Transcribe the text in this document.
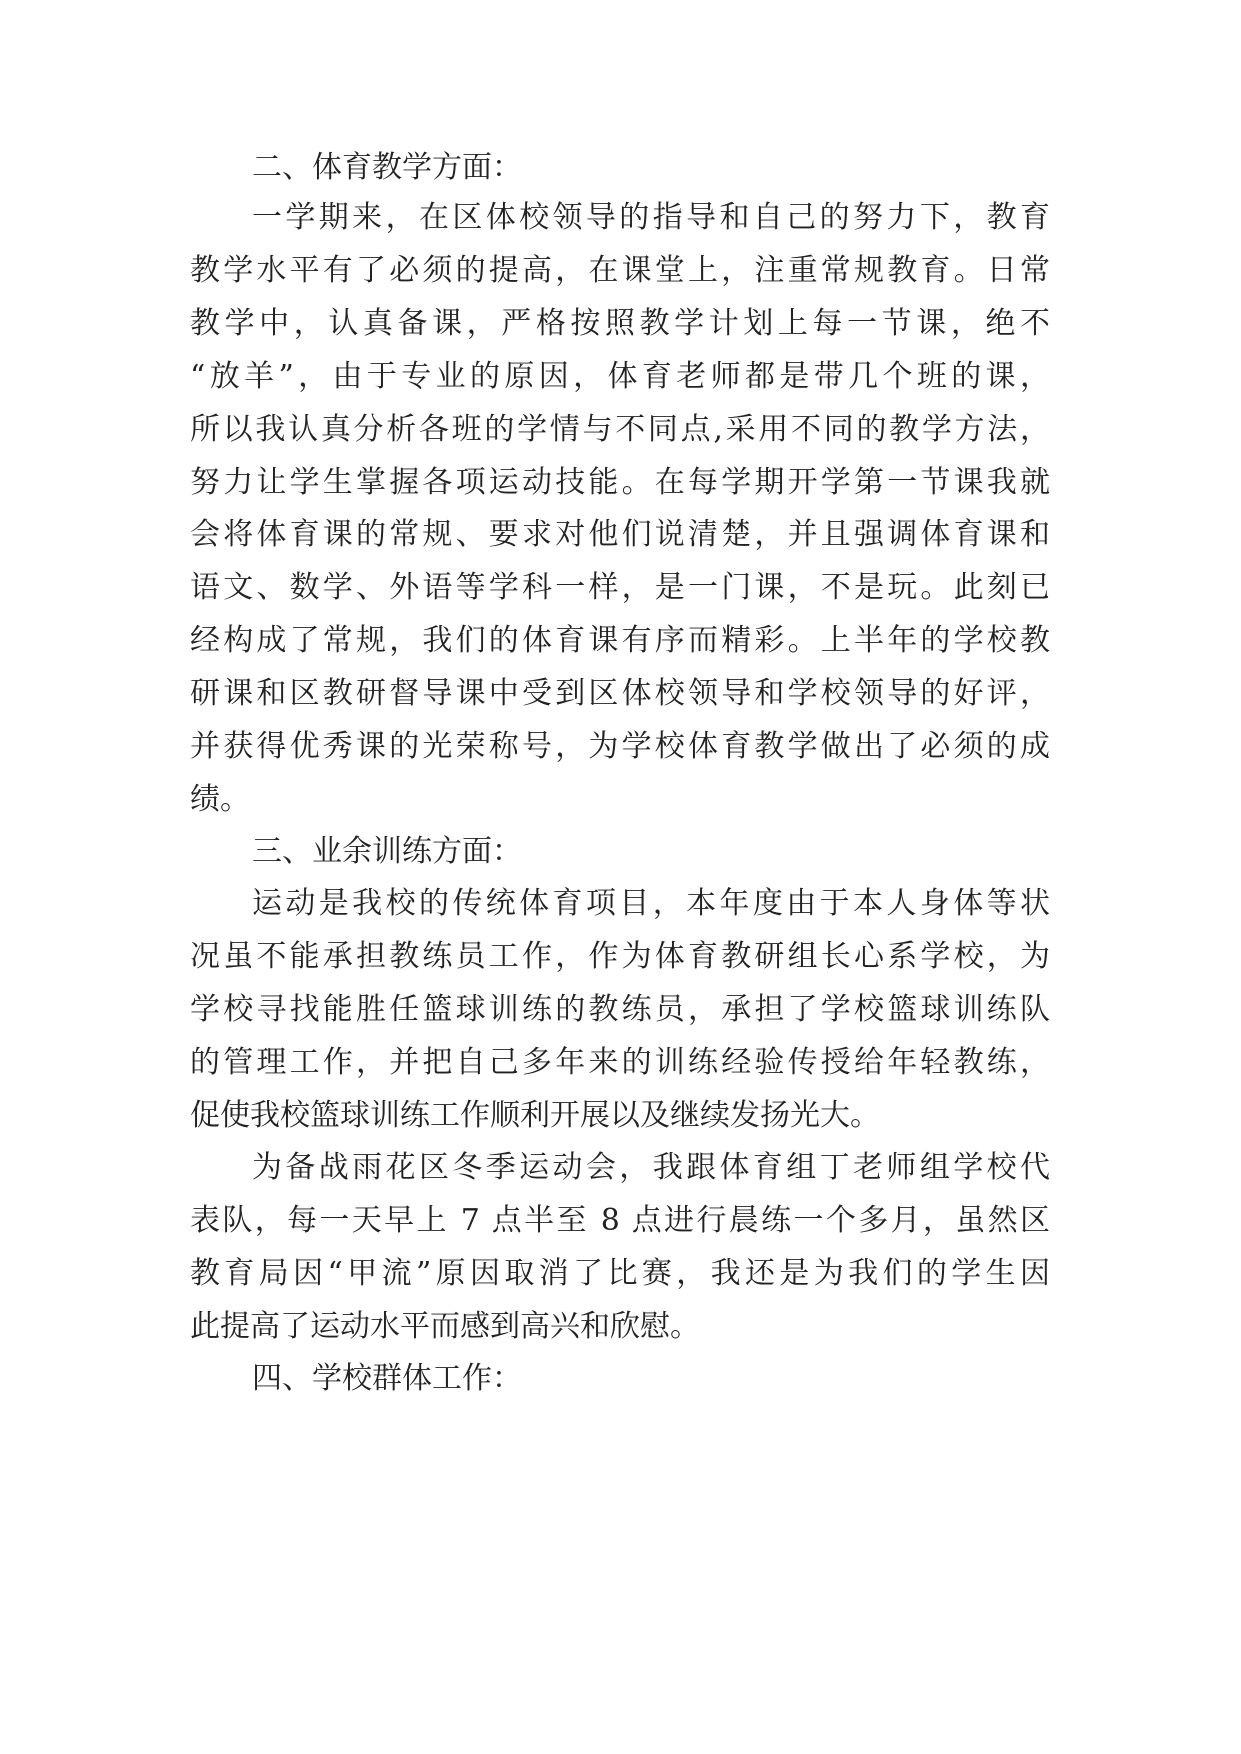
二、体育教学方面：
一学期来，在区体校领导的指导和自己的努力下，教育
教学水平有了必须的提高，在课堂上，注重常规教育。日常
教学中，认真备课，严格按照教学计划上每一节课，绝不
“放羊”，由于专业的原因，体育老师都是带几个班的课，
所以我认真分析各班的学情与不同点,采用不同的教学方法，
努力让学生掌握各项运动技能。在每学期开学第一节课我就
会将体育课的常规、要求对他们说清楚，并且强调体育课和
语文、数学、外语等学科一样，是一门课，不是玩。此刻已
经构成了常规，我们的体育课有序而精彩。上半年的学校教
研课和区教研督导课中受到区体校领导和学校领导的好评，
并获得优秀课的光荣称号，为学校体育教学做出了必须的成
绩。
三、业余训练方面：
运动是我校的传统体育项目，本年度由于本人身体等状
况虽不能承担教练员工作，作为体育教研组长心系学校，为
学校寻找能胜任篮球训练的教练员，承担了学校篮球训练队
的管理工作，并把自己多年来的训练经验传授给年轻教练，
促使我校篮球训练工作顺利开展以及继续发扬光大。
为备战雨花区冬季运动会，我跟体育组丁老师组学校代
表队，每一天早上 7 点半至 8 点进行晨练一个多月，虽然区
教育局因“甲流”原因取消了比赛，我还是为我们的学生因
此提高了运动水平而感到高兴和欣慰。
四、学校群体工作：
